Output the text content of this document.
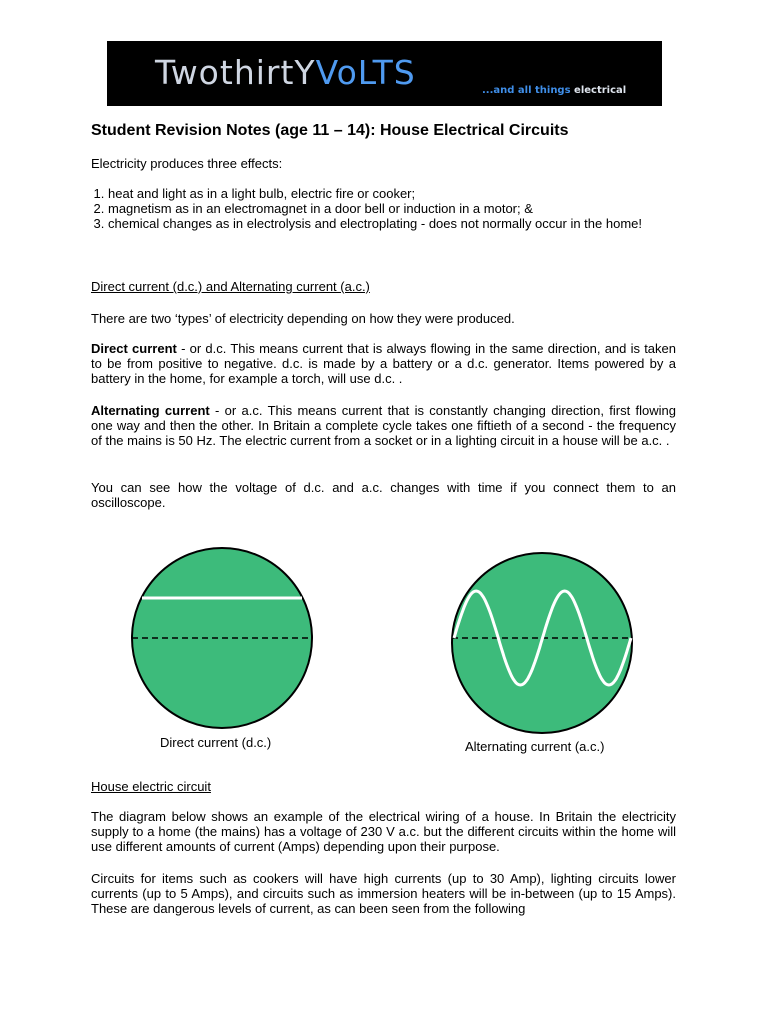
TwothirtYVoLTS	...and all things electrical
Student Revision Notes (age 11 – 14): House Electrical Circuits
Electricity produces three effects:
1. heat and light as in a light bulb, electric fire or cooker;
2. magnetism as in an electromagnet in a door bell or induction in a motor; &
3. chemical changes as in electrolysis and electroplating - does not normally occur in the home!
Direct current (d.c.) and Alternating current (a.c.)
There are two ‘types’ of electricity depending on how they were produced.
Direct current - or d.c. This means current that is always flowing in the same direction, and is taken to be from positive to negative. d.c. is made by a battery or a d.c. generator. Items powered by a battery in the home, for example a torch, will use d.c. .
Alternating current - or a.c. This means current that is constantly changing direction, first flowing one way and then the other. In Britain a complete cycle takes one fiftieth of a second - the frequency of the mains is 50 Hz. The electric current from a socket or in a lighting circuit in a house will be a.c. .
You can see how the voltage of d.c. and a.c. changes with time if you connect them to an oscilloscope.
Direct current (d.c.)	Alternating current (a.c.)
House electric circuit
The diagram below shows an example of the electrical wiring of a house. In Britain the electricity supply to a home (the mains) has a voltage of 230 V a.c. but the different circuits within the home will use different amounts of current (Amps) depending upon their purpose.
Circuits for items such as cookers will have high currents (up to 30 Amp), lighting circuits lower currents (up to 5 Amps), and circuits such as immersion heaters will be in-between (up to 15 Amps). These are dangerous levels of current, as can been seen from the following
